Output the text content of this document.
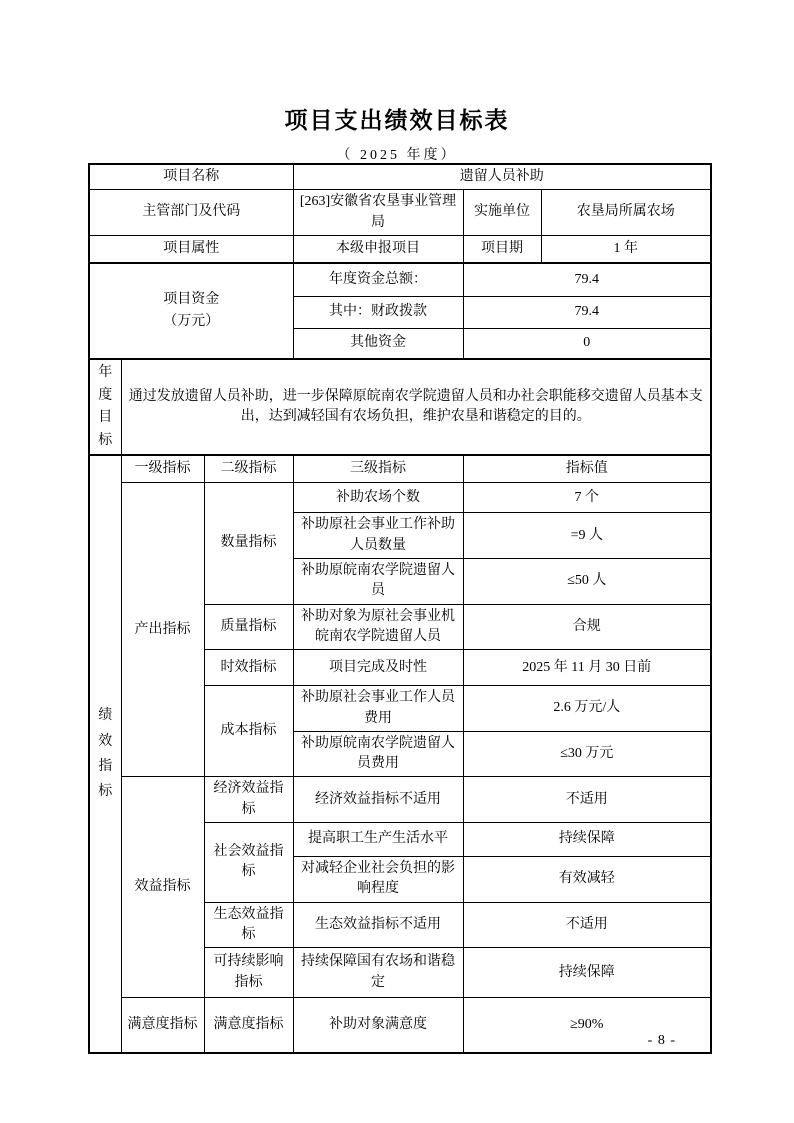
项目支出绩效目标表
（ 2025 年度）
项目名称			遗留人员补助		
主管部门及代码			[263]安徽省农垦事业管理局	实施单位	农垦局所属农场
项目属性			本级申报项目	项目期	1 年

项目资金
（万元）			年度资金总额：	79.4	
			其中：财政拨款	79.4	
			其他资金	0	

年度
目标	通过发放遗留人员补助，进一步保障原皖南农学院遗留人员和办社会职能移交遗留人员基本支出，达到减轻国有农场负担，维护农垦和谐稳定的目的。				

绩效指标	一级指标	二级指标	三级指标	指标值	
	产出指标	数量指标	补助农场个数	7 个	
			补助原社会事业工作补助人员数量	=9 人	
			补助原皖南农学院遗留人员	≤50 人	
		质量指标	补助对象为原社会事业机皖南农学院遗留人员	合规	
		时效指标	项目完成及时性	2025 年 11 月 30 日前	
		成本指标	补助原社会事业工作人员费用	2.6 万元/人	
			补助原皖南农学院遗留人员费用	≤30 万元	
	效益指标	经济效益指标	经济效益指标不适用	不适用	
		社会效益指标	提高职工生产生活水平	持续保障	
			对减轻企业社会负担的影响程度	有效减轻	
		生态效益指标	生态效益指标不适用	不适用	
		可持续影响指标	持续保障国有农场和谐稳定	持续保障	
	满意度指标	满意度指标	补助对象满意度	≥90%	
- 8 -
